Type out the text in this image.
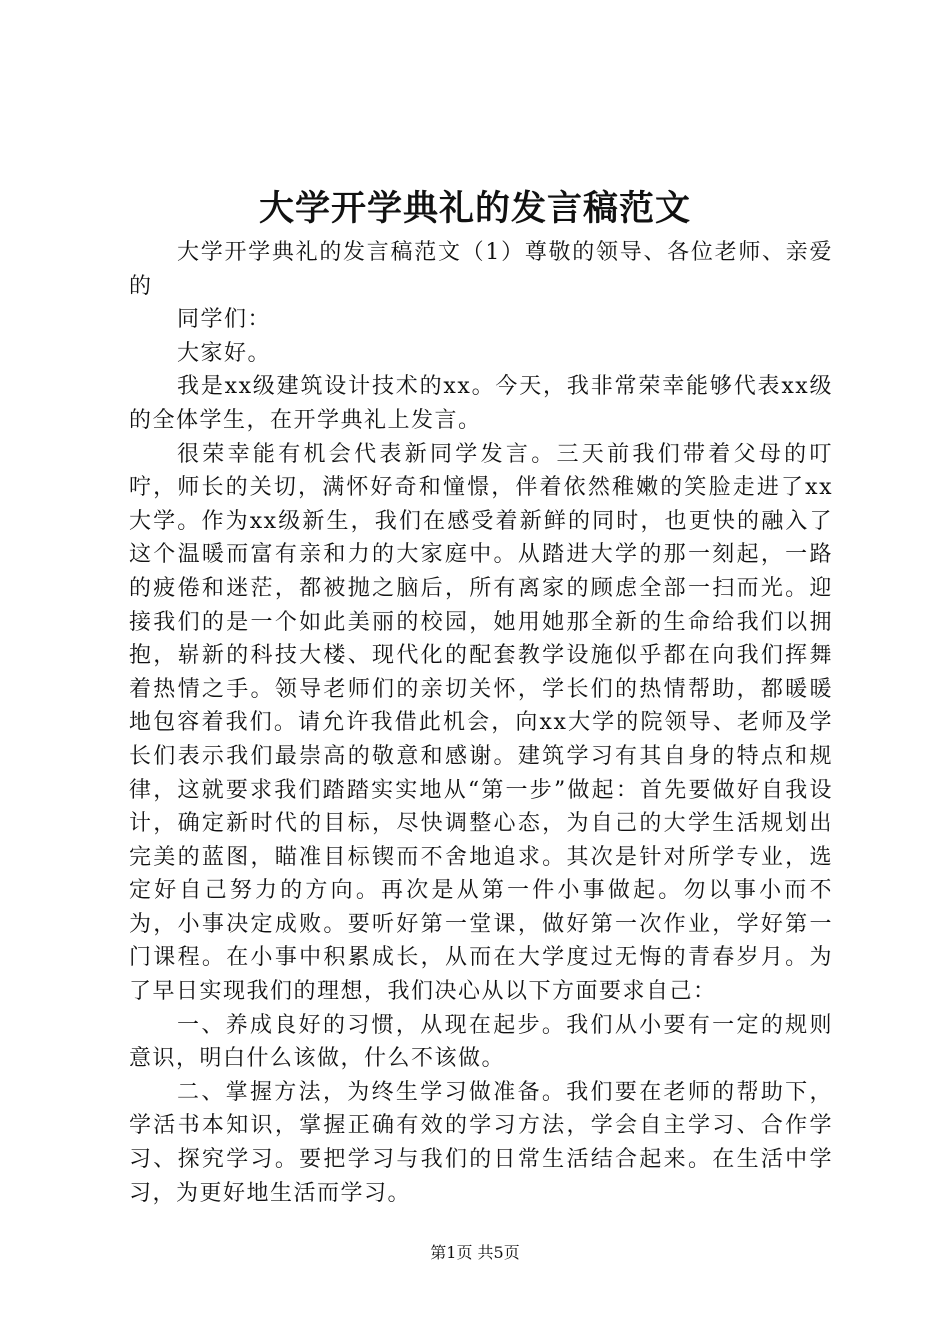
大学开学典礼的发言稿范文

大学开学典礼的发言稿范文（1）尊敬的领导、各位老师、亲爱的

同学们：

大家好。

我是xx级建筑设计技术的xx。今天，我非常荣幸能够代表xx级的全体学生，在开学典礼上发言。

很荣幸能有机会代表新同学发言。三天前我们带着父母的叮咛，师长的关切，满怀好奇和憧憬，伴着依然稚嫩的笑脸走进了xx大学。作为xx级新生，我们在感受着新鲜的同时，也更快的融入了这个温暖而富有亲和力的大家庭中。从踏进大学的那一刻起，一路的疲倦和迷茫，都被抛之脑后，所有离家的顾虑全部一扫而光。迎接我们的是一个如此美丽的校园，她用她那全新的生命给我们以拥抱，崭新的科技大楼、现代化的配套教学设施似乎都在向我们挥舞着热情之手。领导老师们的亲切关怀，学长们的热情帮助，都暖暖地包容着我们。请允许我借此机会，向xx大学的院领导、老师及学长们表示我们最崇高的敬意和感谢。建筑学习有其自身的特点和规律，这就要求我们踏踏实实地从“第一步”做起：首先要做好自我设计，确定新时代的目标，尽快调整心态，为自己的大学生活规划出完美的蓝图，瞄准目标锲而不舍地追求。其次是针对所学专业，选定好自己努力的方向。再次是从第一件小事做起。勿以事小而不为，小事决定成败。要听好第一堂课，做好第一次作业，学好第一门课程。在小事中积累成长，从而在大学度过无悔的青春岁月。为了早日实现我们的理想，我们决心从以下方面要求自己：

一、养成良好的习惯，从现在起步。我们从小要有一定的规则意识，明白什么该做，什么不该做。

二、掌握方法，为终生学习做准备。我们要在老师的帮助下，学活书本知识，掌握正确有效的学习方法，学会自主学习、合作学习、探究学习。要把学习与我们的日常生活结合起来。在生活中学习，为更好地生活而学习。

第1页 共5页
